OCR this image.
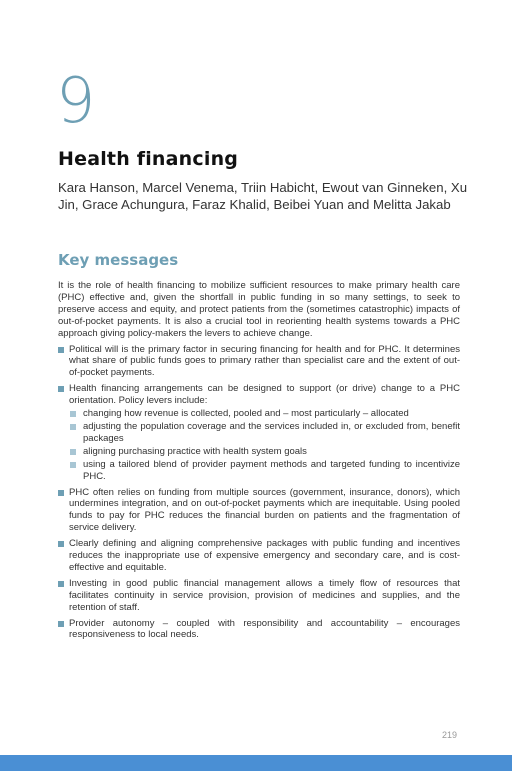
9
Health financing
Kara Hanson, Marcel Venema, Triin Habicht, Ewout van Ginneken, Xu Jin, Grace Achungura, Faraz Khalid, Beibei Yuan and Melitta Jakab
Key messages

It is the role of health financing to mobilize sufficient resources to make primary health care (PHC) effective and, given the shortfall in public funding in so many settings, to seek to preserve access and equity, and protect patients from the (sometimes catastrophic) impacts of out-of-pocket payments. It is also a crucial tool in reorienting health systems towards a PHC approach giving policy-makers the levers to achieve change.

Political will is the primary factor in securing financing for health and for PHC. It determines what share of public funds goes to primary rather than specialist care and the extent of out-of-pocket payments.
Health financing arrangements can be designed to support (or drive) change to a PHC orientation. Policy levers include:
changing how revenue is collected, pooled and – most particularly – allocated
adjusting the population coverage and the services included in, or excluded from, benefit packages
aligning purchasing practice with health system goals
using a tailored blend of provider payment methods and targeted funding to incentivize PHC.
PHC often relies on funding from multiple sources (government, insurance, donors), which undermines integration, and on out-of-pocket payments which are inequitable. Using pooled funds to pay for PHC reduces the financial burden on patients and the fragmentation of service delivery.
Clearly defining and aligning comprehensive packages with public funding and incentives reduces the inappropriate use of expensive emergency and secondary care, and is cost-effective and equitable.
Investing in good public financial management allows a timely flow of resources that facilitates continuity in service provision, provision of medicines and supplies, and the retention of staff.
Provider autonomy – coupled with responsibility and accountability – encourages responsiveness to local needs.
219
